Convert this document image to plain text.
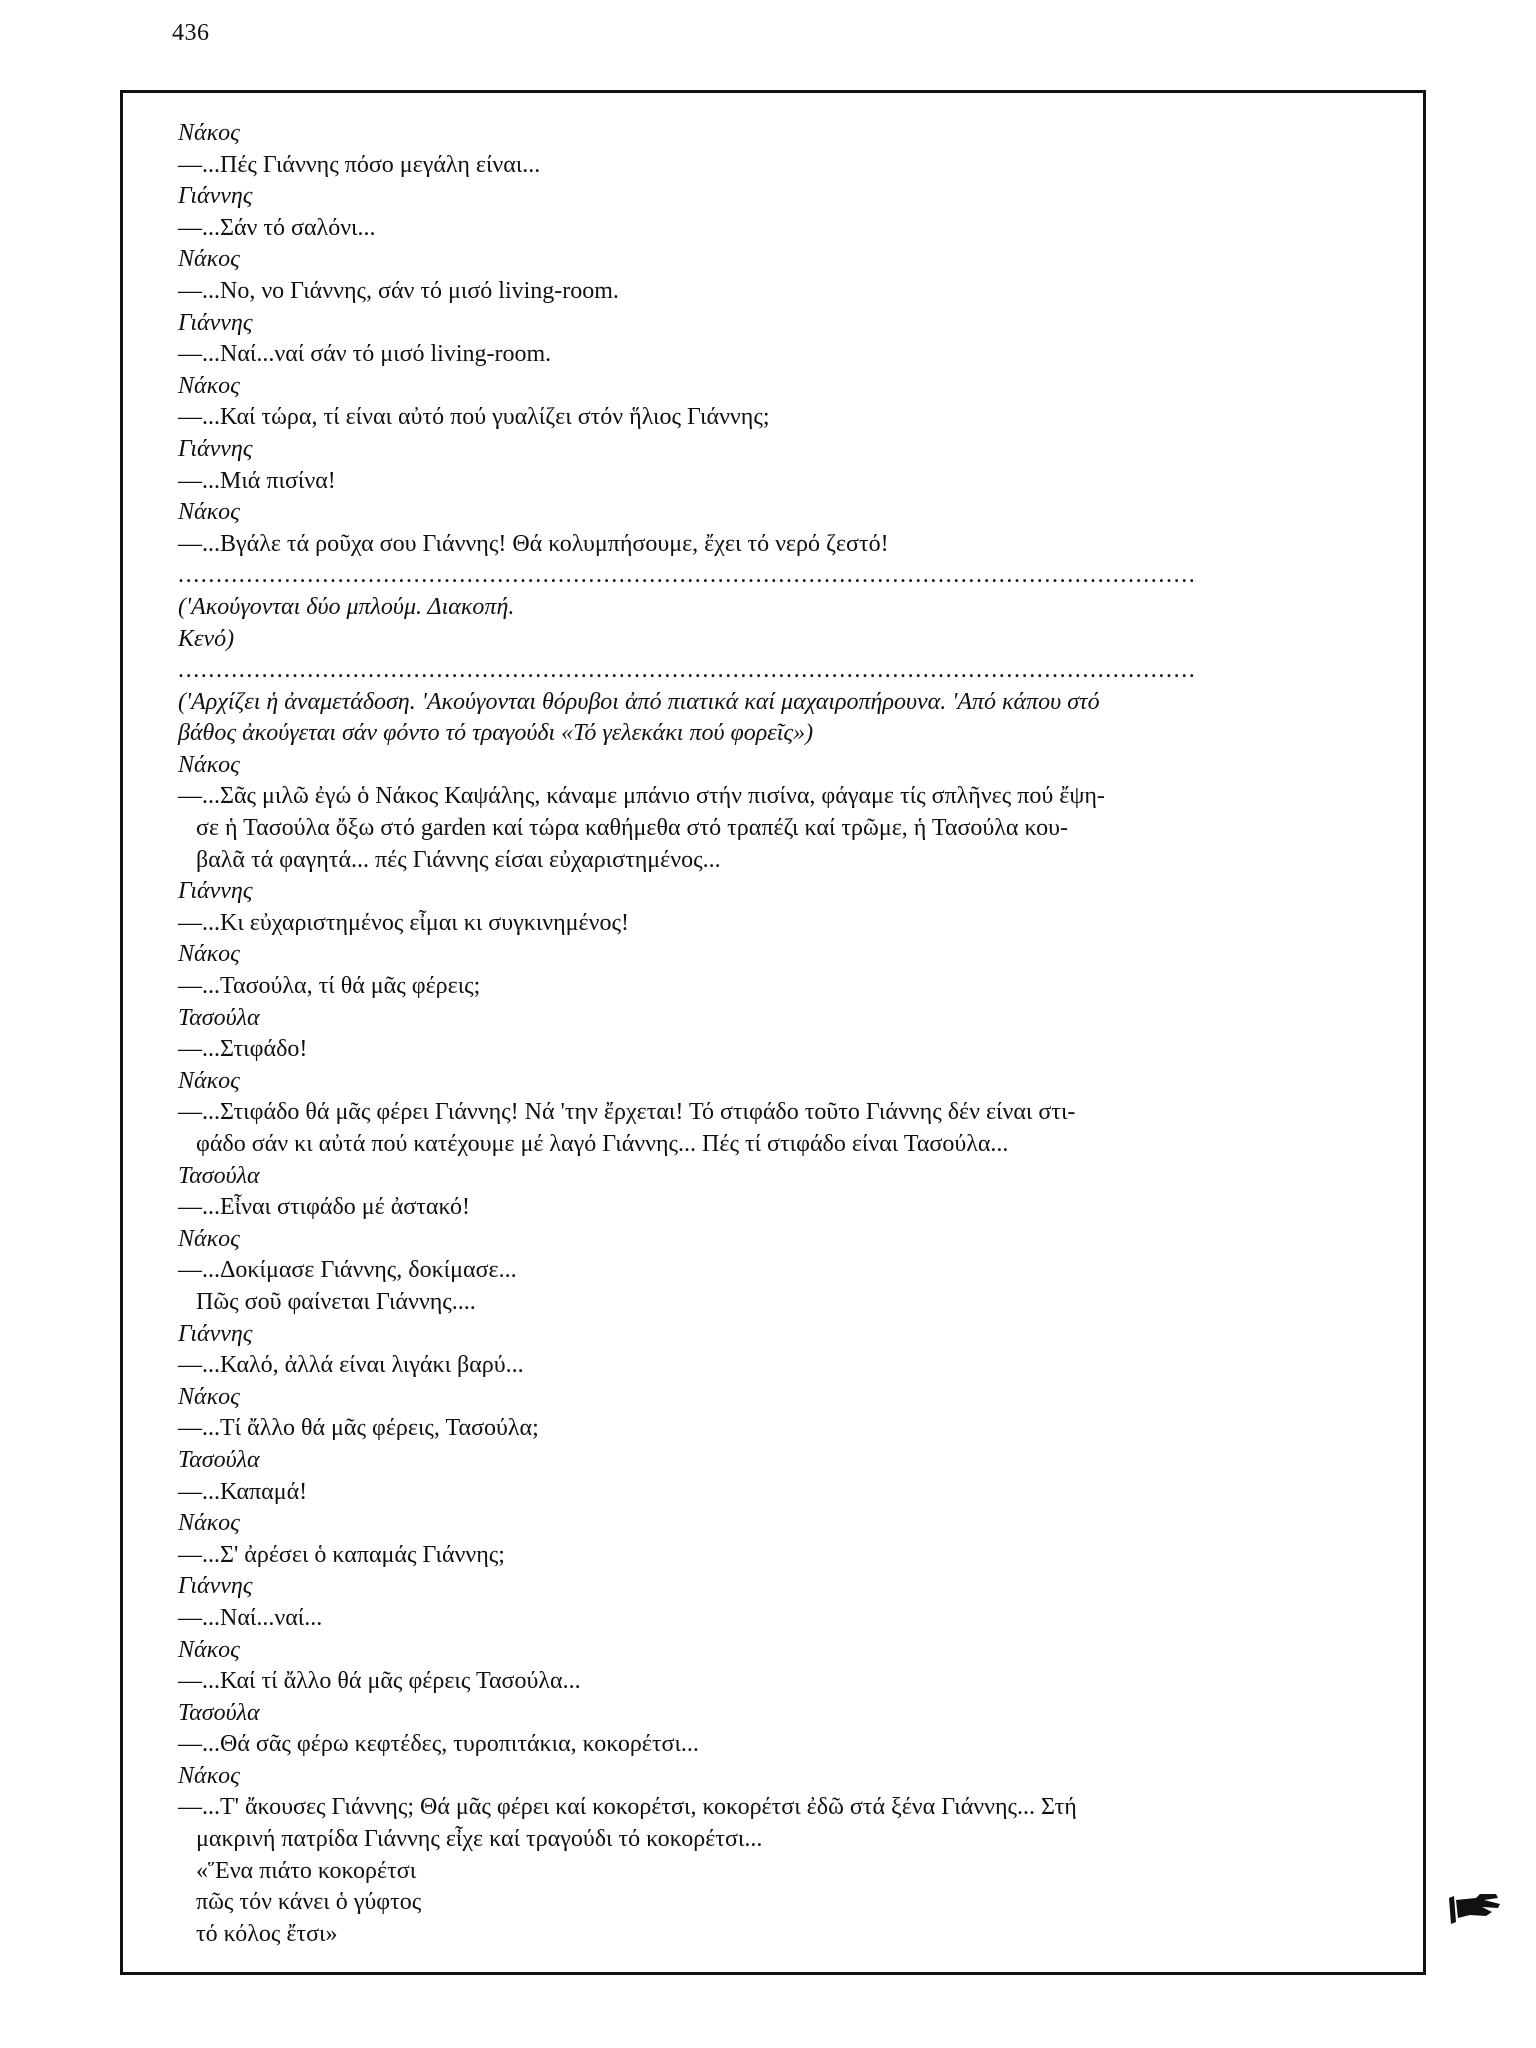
436
Νάκος
—...Πές Γιάννης πόσο μεγάλη είναι...
Γιάννης
—...Σάν τό σαλόνι...
Νάκος
—...Νο, νο Γιάννης, σάν τό μισό living-room.
Γιάννης
—...Ναί...ναί σάν τό μισό living-room.
Νάκος
—...Καί τώρα, τί είναι αὐτό πού γυαλίζει στόν ἥλιος Γιάννης;
Γιάννης
—...Μιά πισίνα!
Νάκος
—...Βγάλε τά ροῦχα σου Γιάννης! Θά κολυμπήσουμε, ἔχει τό νερό ζεστό!
......................................................................................................................................
('Ακούγονται δύο μπλούμ. Διακοπή.
Κενό)
......................................................................................................................................
('Αρχίζει ἡ ἀναμετάδοση. 'Ακούγονται θόρυβοι ἀπό πιατικά καί μαχαιροπήρουνα. 'Από κάπου στό
βάθος ἀκούγεται σάν φόντο τό τραγούδι «Τό γελεκάκι πού φορεῖς»)
Νάκος
—...Σᾶς μιλῶ ἐγώ ὁ Νάκος Καψάλης, κάναμε μπάνιο στήν πισίνα, φάγαμε τίς σπλῆνες πού ἔψη-
σε ἡ Τασούλα ὄξω στό garden καί τώρα καθήμεθα στό τραπέζι καί τρῶμε, ἡ Τασούλα κου-
βαλᾶ τά φαγητά... πές Γιάννης είσαι εὐχαριστημένος...
Γιάννης
—...Κι εὐχαριστημένος εἶμαι κι συγκινημένος!
Νάκος
—...Τασούλα, τί θά μᾶς φέρεις;
Τασούλα
—...Στιφάδο!
Νάκος
—...Στιφάδο θά μᾶς φέρει Γιάννης! Νά 'την ἔρχεται! Τό στιφάδο τοῦτο Γιάννης δέν είναι στι-
φάδο σάν κι αὐτά πού κατέχουμε μέ λαγό Γιάννης... Πές τί στιφάδο είναι Τασούλα...
Τασούλα
—...Εἶναι στιφάδο μέ ἀστακό!
Νάκος
—...Δοκίμασε Γιάννης, δοκίμασε...
Πῶς σοῦ φαίνεται Γιάννης....
Γιάννης
—...Καλό, ἀλλά είναι λιγάκι βαρύ...
Νάκος
—...Τί ἄλλο θά μᾶς φέρεις, Τασούλα;
Τασούλα
—...Καπαμά!
Νάκος
—...Σ' ἀρέσει ὁ καπαμάς Γιάννης;
Γιάννης
—...Ναί...ναί...
Νάκος
—...Καί τί ἄλλο θά μᾶς φέρεις Τασούλα...
Τασούλα
—...Θά σᾶς φέρω κεφτέδες, τυροπιτάκια, κοκορέτσι...
Νάκος
—...Τ' ἄκουσες Γιάννης; Θά μᾶς φέρει καί κοκορέτσι, κοκορέτσι ἐδῶ στά ξένα Γιάννης... Στή
μακρινή πατρίδα Γιάννης εἶχε καί τραγούδι τό κοκορέτσι...
«Ἕνα πιάτο κοκορέτσι
πῶς τόν κάνει ὁ γύφτος
τό κόλος ἔτσι»
